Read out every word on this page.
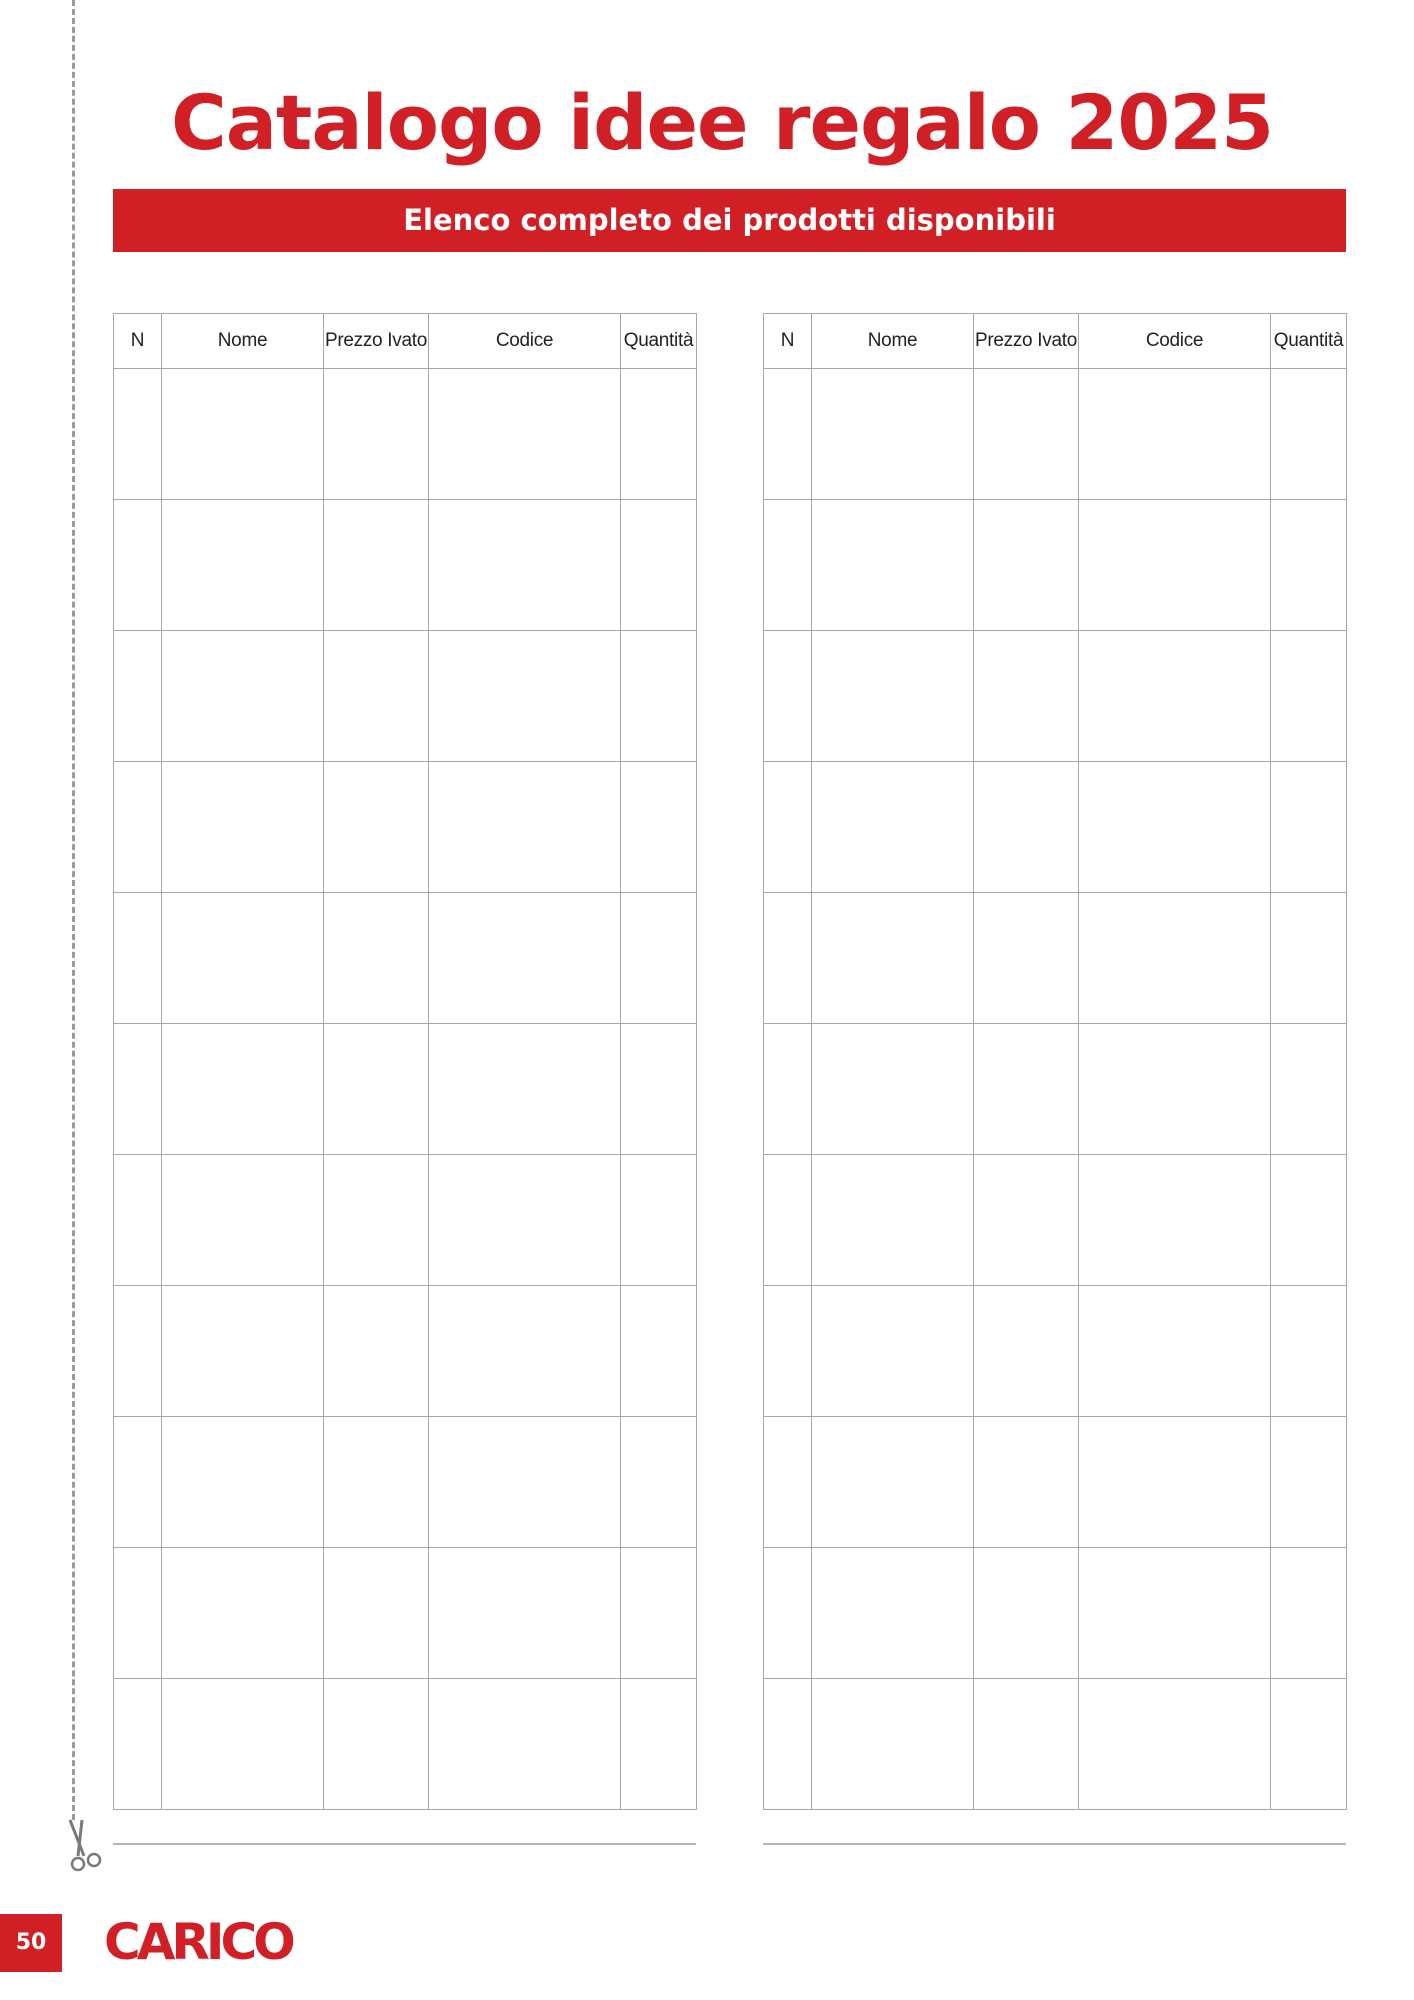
Catalogo idee regalo 2025
Elenco completo dei prodotti disponibili
N	Nome	Prezzo Ivato	Codice	Quantità

					N	Nome	Prezzo Ivato	Codice	Quantità

50	CARICO
